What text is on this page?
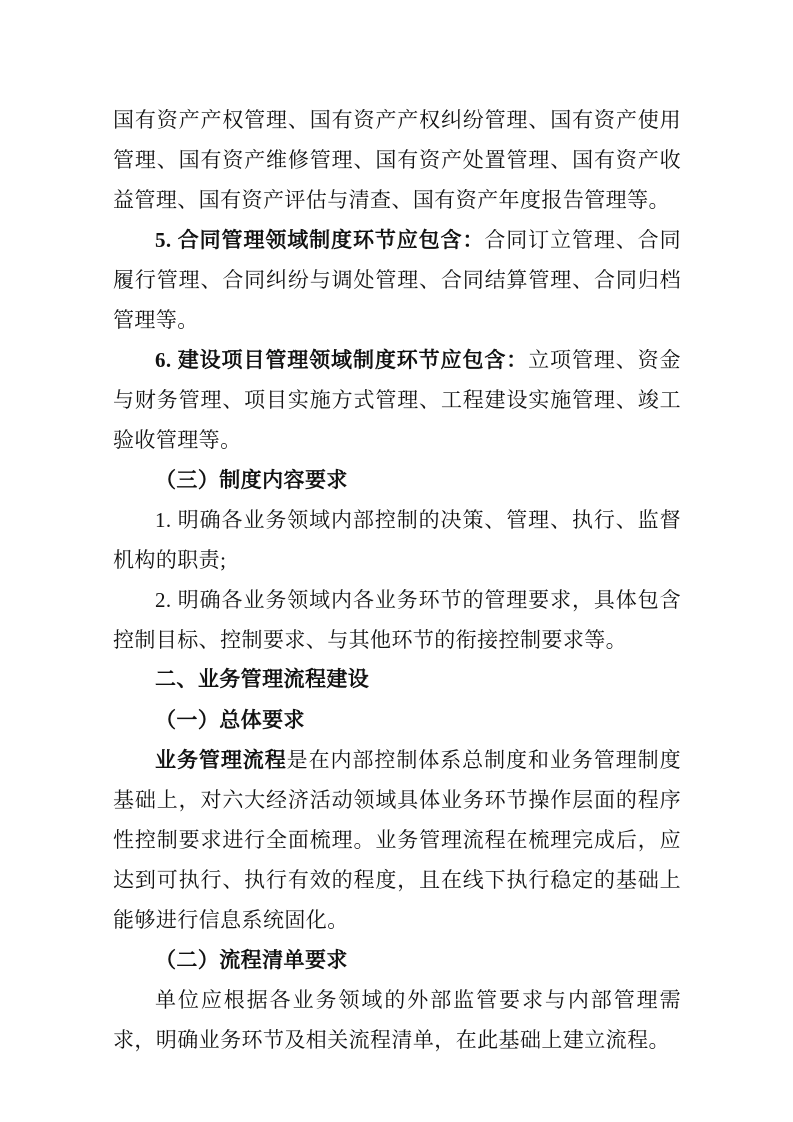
国有资产产权管理、国有资产产权纠纷管理、国有资产使用管理、国有资产维修管理、国有资产处置管理、国有资产收益管理、国有资产评估与清查、国有资产年度报告管理等。

5. 合同管理领域制度环节应包含：合同订立管理、合同履行管理、合同纠纷与调处管理、合同结算管理、合同归档管理等。

6. 建设项目管理领域制度环节应包含：立项管理、资金与财务管理、项目实施方式管理、工程建设实施管理、竣工验收管理等。

（三）制度内容要求

1. 明确各业务领域内部控制的决策、管理、执行、监督机构的职责;

2. 明确各业务领域内各业务环节的管理要求，具体包含控制目标、控制要求、与其他环节的衔接控制要求等。

二、业务管理流程建设

（一）总体要求

业务管理流程是在内部控制体系总制度和业务管理制度基础上，对六大经济活动领域具体业务环节操作层面的程序性控制要求进行全面梳理。业务管理流程在梳理完成后，应达到可执行、执行有效的程度，且在线下执行稳定的基础上能够进行信息系统固化。

（二）流程清单要求

单位应根据各业务领域的外部监管要求与内部管理需求，明确业务环节及相关流程清单，在此基础上建立流程。
